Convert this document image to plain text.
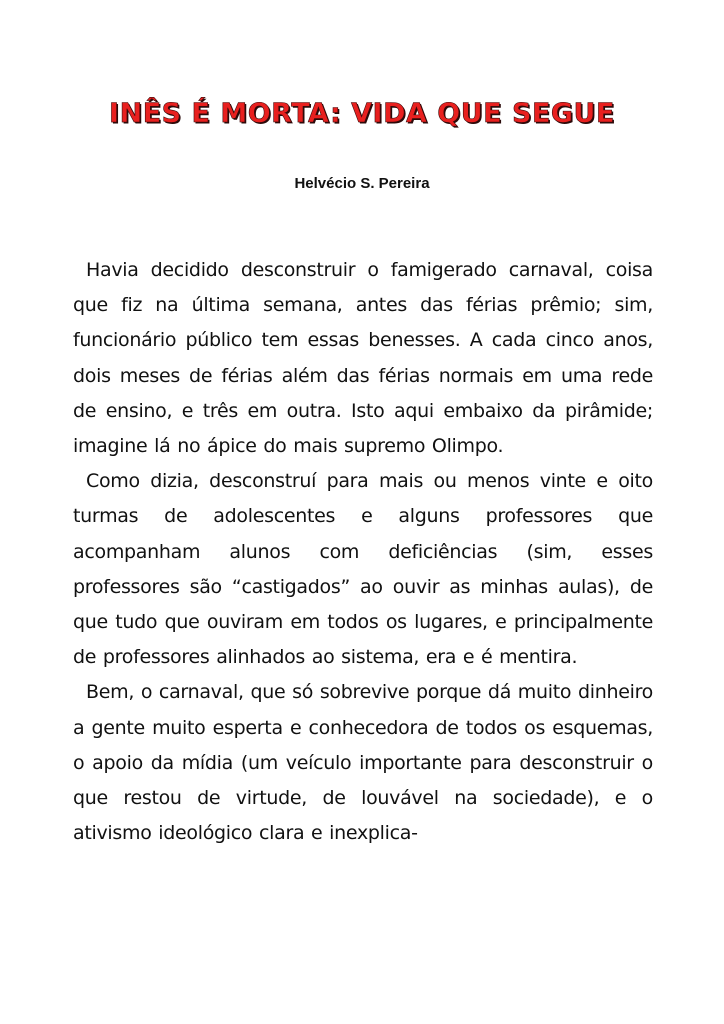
INÊS É MORTA: VIDA QUE SEGUE
Helvécio S. Pereira

Havia decidido desconstruir o famigerado carnaval, coisa que fiz na última semana, antes das férias prêmio; sim, funcionário público tem essas benesses. A cada cinco anos, dois meses de férias além das férias normais em uma rede de ensino, e três em outra. Isto aqui embaixo da pirâmide; imagine lá no ápice do mais supremo Olimpo.

Como dizia, desconstruí para mais ou menos vinte e oito turmas de adolescentes e alguns professores que acompanham alunos com deficiências (sim, esses professores são “castigados” ao ouvir as minhas aulas), de que tudo que ouviram em todos os lugares, e principalmente de professores alinhados ao sistema, era e é mentira.

Bem, o carnaval, que só sobrevive porque dá muito dinheiro a gente muito esperta e conhecedora de todos os esquemas, o apoio da mídia (um veículo importante para desconstruir o que restou de virtude, de louvável na sociedade), e o ativismo ideológico clara e inexplica-
